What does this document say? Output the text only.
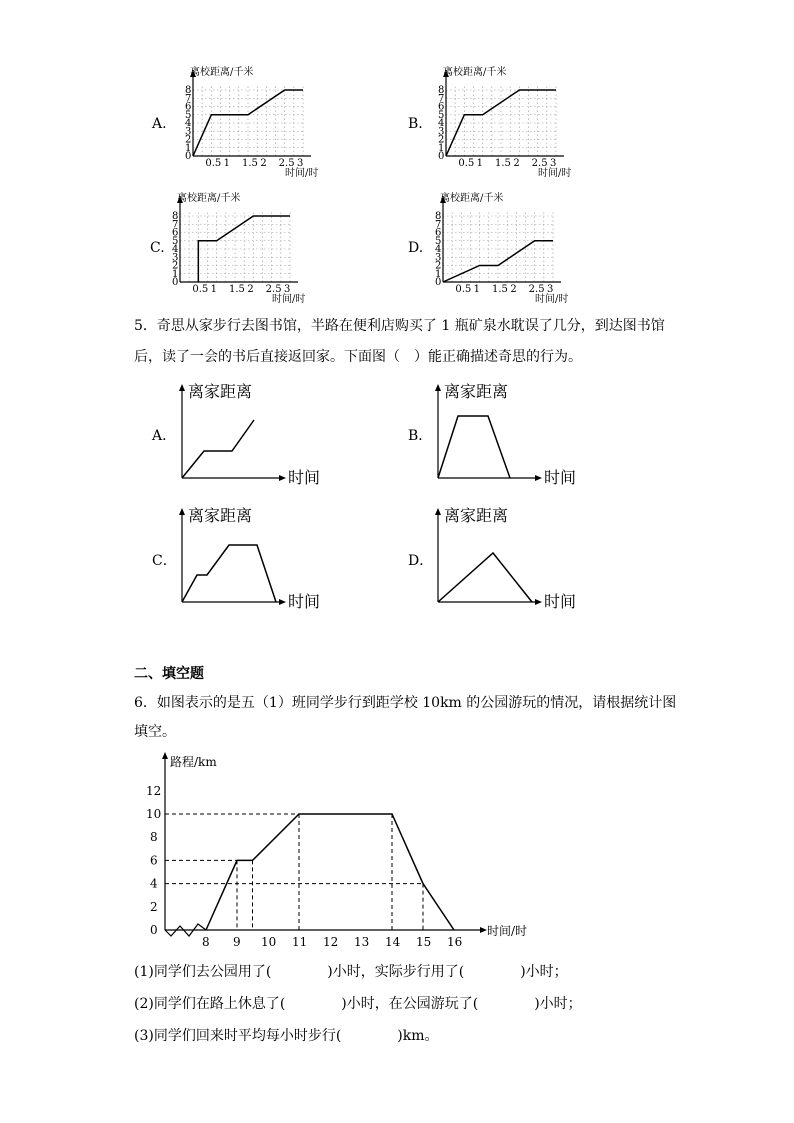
离校距离/千米
时间/时
0
1
2
3
4
5
6
7
8
0.5 1 1.5 2 2.5 3
A.
离校距离/千米
时间/时
0
1
2
3
4
5
6
7
8
0.5 1 1.5 2 2.5 3
B.
离校距离/千米
时间/时
0
1
2
3
4
5
6
7
8
0.5 1 1.5 2 2.5 3
C.
离校距离/千米
时间/时
0
1
2
3
4
5
6
7
8
0.5 1 1.5 2 2.5 3
D.
离家距离
时间
A．
离家距离
时间
B．
离家距离
时间
C．
离家距离
时间
D．
路程/km
时间/时
0
2
4
6
8
10
12
8 9 10 11 12 13 14 15 16
5．奇思从家步行去图书馆，半路在便利店购买了 1 瓶矿泉水耽误了几分，到达图书馆
后，读了一会的书后直接返回家。下面图（　）能正确描述奇思的行为。
二、填空题
6．如图表示的是五（1）班同学步行到距学校 10km 的公园游玩的情况，请根据统计图
填空。
(1)同学们去公园用了(　　　　)小时，实际步行用了(　　　　)小时；
(2)同学们在路上休息了(　　　　)小时，在公园游玩了(　　　　)小时；
(3)同学们回来时平均每小时步行(　　　　)km。
